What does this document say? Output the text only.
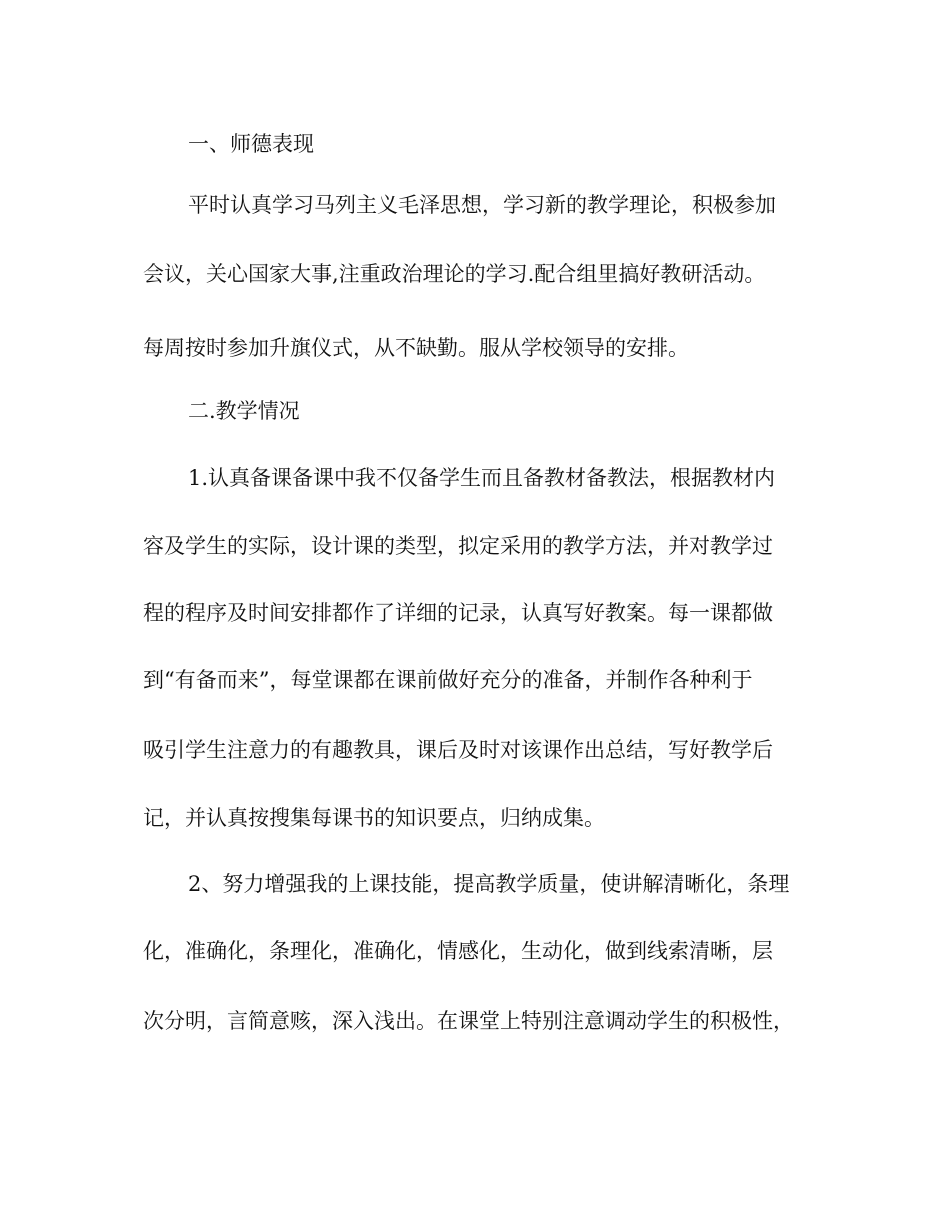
一、师德表现
平时认真学习马列主义毛泽思想，学习新的教学理论，积极参加
会议，关心国家大事,注重政治理论的学习.配合组里搞好教研活动。
每周按时参加升旗仪式，从不缺勤。服从学校领导的安排。
二.教学情况
1.认真备课备课中我不仅备学生而且备教材备教法，根据教材内
容及学生的实际，设计课的类型，拟定采用的教学方法，并对教学过
程的程序及时间安排都作了详细的记录，认真写好教案。每一课都做
到“有备而来”，每堂课都在课前做好充分的准备，并制作各种利于
吸引学生注意力的有趣教具，课后及时对该课作出总结，写好教学后
记，并认真按搜集每课书的知识要点，归纳成集。
2、努力增强我的上课技能，提高教学质量，使讲解清晰化，条理
化，准确化，条理化，准确化，情感化，生动化，做到线索清晰，层
次分明，言简意赅，深入浅出。在课堂上特别注意调动学生的积极性，
